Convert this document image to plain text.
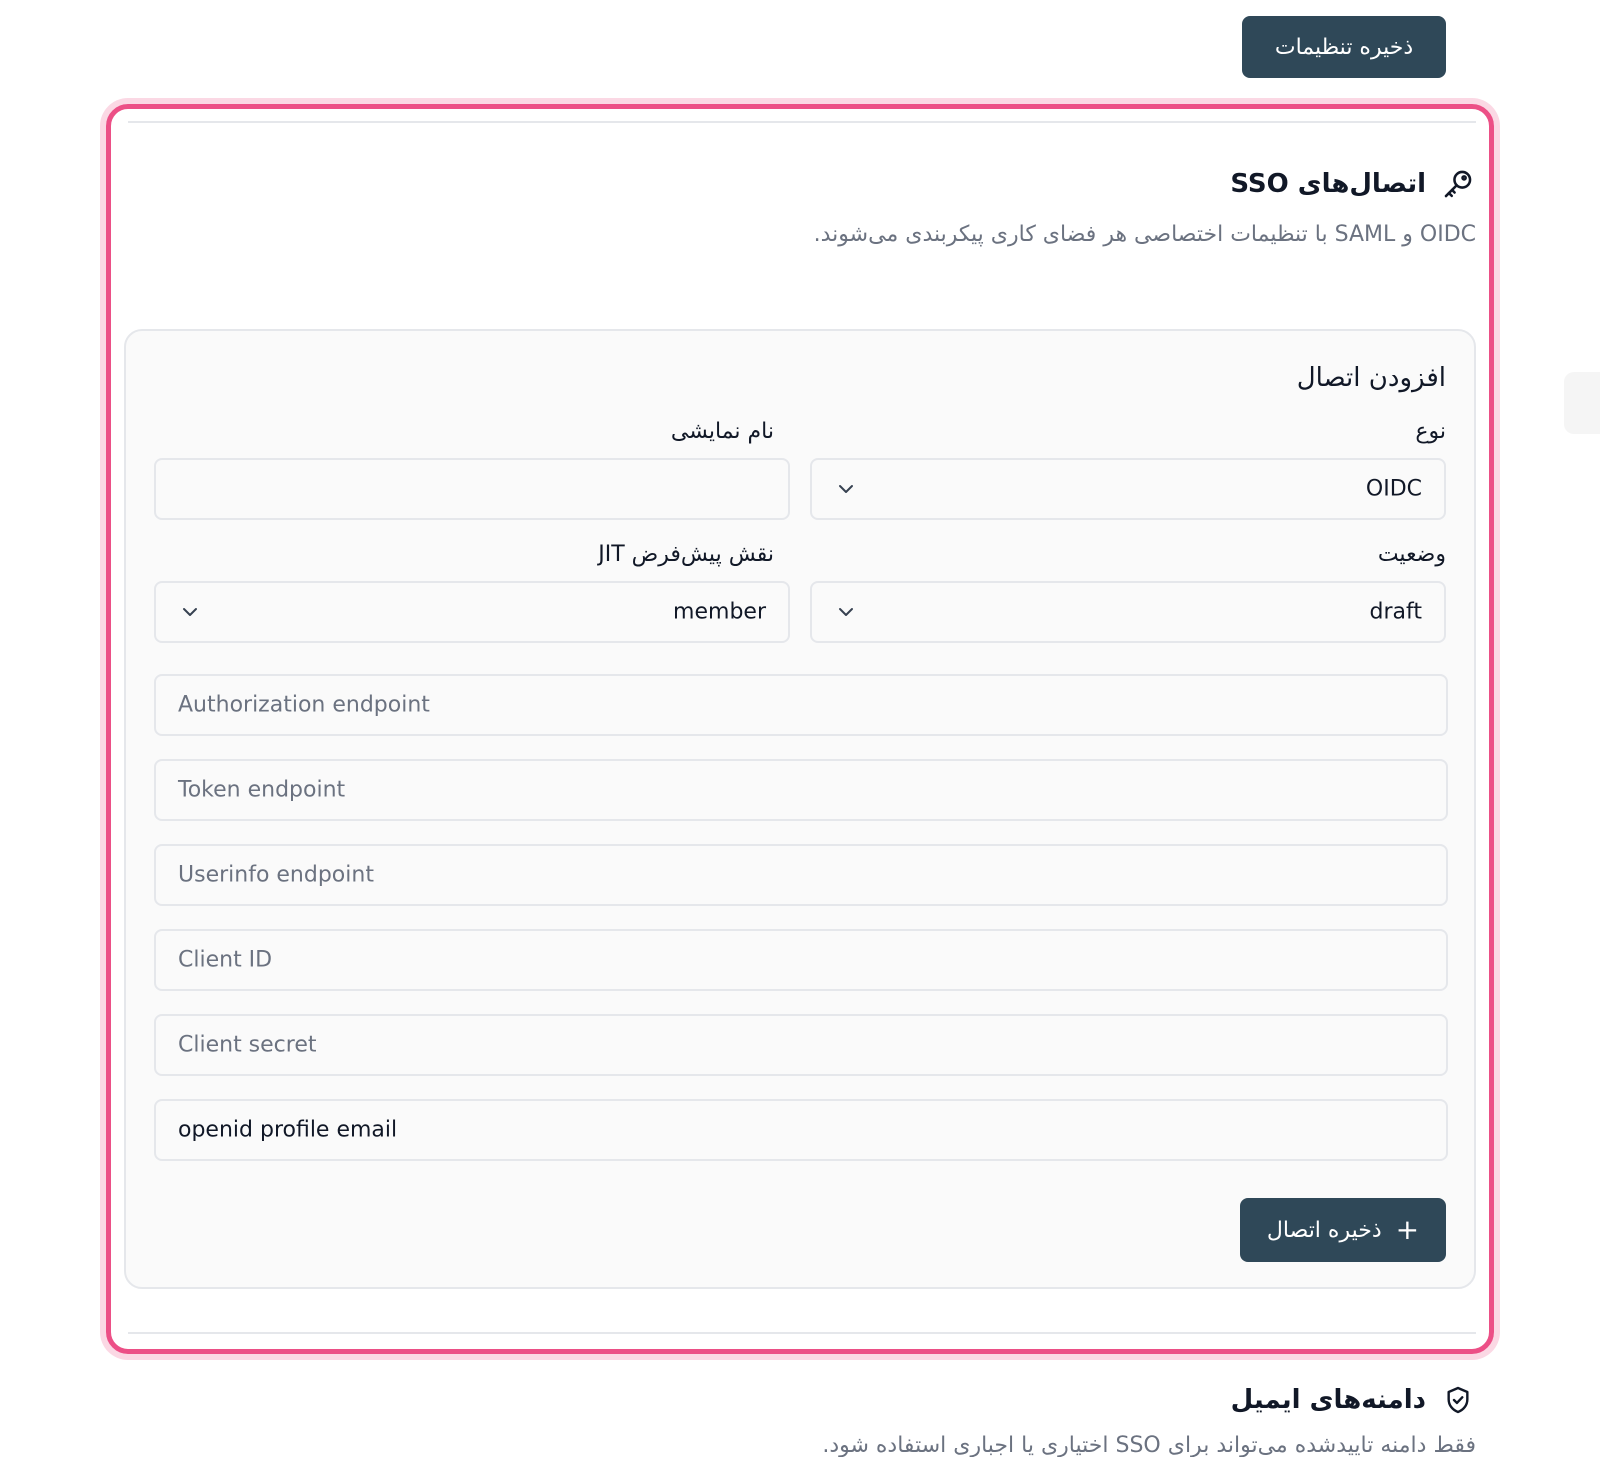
ذخیره تنظیمات
اتصال‌های SSO
OIDC و SAML با تنظیمات اختصاصی هر فضای کاری پیکربندی می‌شوند.
افزودن اتصال
نوع
نام نمایشی
OIDC
وضعیت
نقش پیش‌فرض JIT
draft
member
Authorization endpoint
Token endpoint
Userinfo endpoint
Client ID
Client secret
openid profile email
+
ذخیره اتصال
دامنه‌های ایمیل
فقط دامنه تاییدشده می‌تواند برای SSO اختیاری یا اجباری استفاده شود.
